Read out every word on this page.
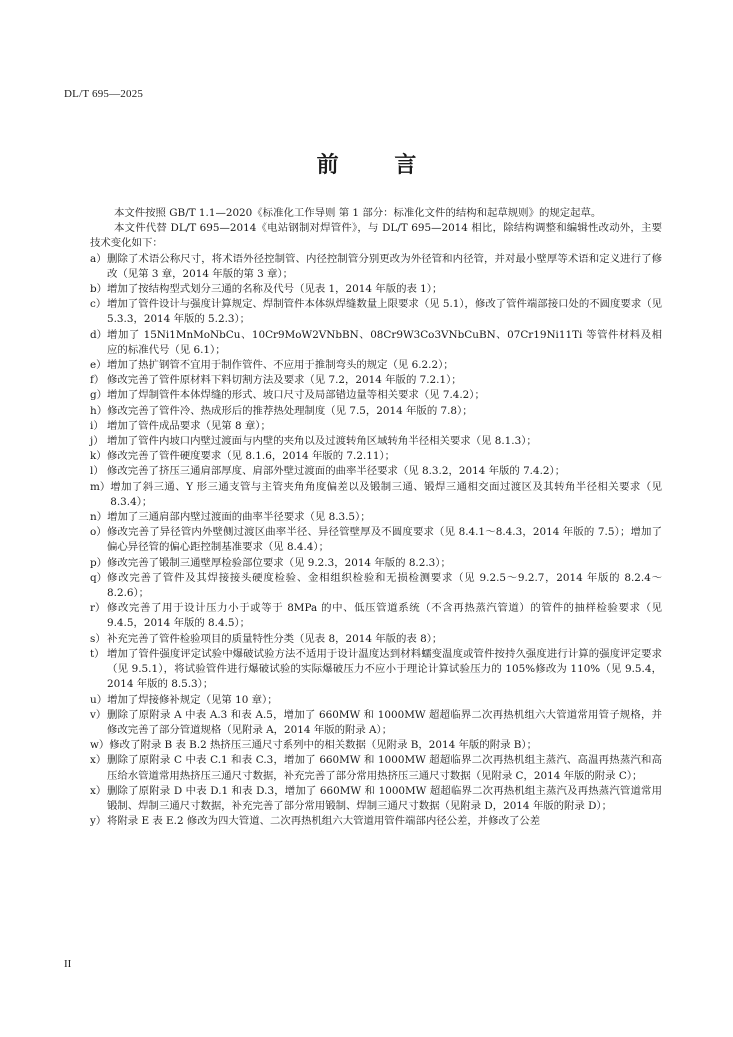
DL/T 695—2025
前 言

本文件按照 GB/T 1.1—2020《标准化工作导则 第 1 部分：标准化文件的结构和起草规则》的规定起草。

本文件代替 DL/T 695—2014《电站钢制对焊管件》，与 DL/T 695—2014 相比，除结构调整和编辑性改动外，主要技术变化如下：

a） 删除了术语公称尺寸，将术语外径控制管、内径控制管分别更改为外径管和内径管，并对最小壁厚等术语和定义进行了修改（见第 3 章，2014 年版的第 3 章）；
b） 增加了按结构型式划分三通的名称及代号（见表 1，2014 年版的表 1）；
c） 增加了管件设计与强度计算规定、焊制管件本体纵焊缝数量上限要求（见 5.1），修改了管件端部接口处的不圆度要求（见 5.3.3，2014 年版的 5.2.3）；
d） 增加了 15Ni1MnMoNbCu、10Cr9MoW2VNbBN、08Cr9W3Co3VNbCuBN、07Cr19Ni11Ti 等管件材料及相应的标准代号（见 6.1）；
e） 增加了热扩钢管不宜用于制作管件、不应用于推制弯头的规定（见 6.2.2）；
f） 修改完善了管件原材料下料切割方法及要求（见 7.2，2014 年版的 7.2.1）；
g） 增加了焊制管件本体焊缝的形式、坡口尺寸及局部错边量等相关要求（见 7.4.2）；
h） 修改完善了管件冷、热成形后的推荐热处理制度（见 7.5，2014 年版的 7.8）；
i） 增加了管件成品要求（见第 8 章）；
j） 增加了管件内坡口内壁过渡面与内壁的夹角以及过渡转角区域转角半径相关要求（见 8.1.3）；
k） 修改完善了管件硬度要求（见 8.1.6，2014 年版的 7.2.11）；
l） 修改完善了挤压三通肩部厚度、肩部外壁过渡面的曲率半径要求（见 8.3.2，2014 年版的 7.4.2）；
m） 增加了斜三通、Y 形三通支管与主管夹角角度偏差以及锻制三通、锻焊三通相交面过渡区及其转角半径相关要求（见 8.3.4）；
n） 增加了三通肩部内壁过渡面的曲率半径要求（见 8.3.5）；
o） 修改完善了异径管内外壁侧过渡区曲率半径、异径管壁厚及不圆度要求（见 8.4.1～8.4.3，2014 年版的 7.5）；增加了偏心异径管的偏心距控制基准要求（见 8.4.4）；
p） 修改完善了锻制三通壁厚检验部位要求（见 9.2.3，2014 年版的 8.2.3）；
q） 修改完善了管件及其焊接接头硬度检验、金相组织检验和无损检测要求（见 9.2.5～9.2.7，2014 年版的 8.2.4～8.2.6）；
r） 修改完善了用于设计压力小于或等于 8MPa 的中、低压管道系统（不含再热蒸汽管道）的管件的抽样检验要求（见 9.4.5，2014 年版的 8.4.5）；
s） 补充完善了管件检验项目的质量特性分类（见表 8，2014 年版的表 8）；
t） 增加了管件强度评定试验中爆破试验方法不适用于设计温度达到材料蠕变温度或管件按持久强度进行计算的强度评定要求（见 9.5.1），将试验管件进行爆破试验的实际爆破压力不应小于理论计算试验压力的 105%修改为 110%（见 9.5.4，2014 年版的 8.5.3）；
u） 增加了焊接修补规定（见第 10 章）；
v） 删除了原附录 A 中表 A.3 和表 A.5，增加了 660MW 和 1000MW 超超临界二次再热机组六大管道常用管子规格，并修改完善了部分管道规格（见附录 A，2014 年版的附录 A）；
w） 修改了附录 B 表 B.2 热挤压三通尺寸系列中的相关数据（见附录 B，2014 年版的附录 B）；
x） 删除了原附录 C 中表 C.1 和表 C.3，增加了 660MW 和 1000MW 超超临界二次再热机组主蒸汽、高温再热蒸汽和高压给水管道常用热挤压三通尺寸数据，补充完善了部分常用热挤压三通尺寸数据（见附录 C，2014 年版的附录 C）；
x） 删除了原附录 D 中表 D.1 和表 D.3，增加了 660MW 和 1000MW 超超临界二次再热机组主蒸汽及再热蒸汽管道常用锻制、焊制三通尺寸数据，补充完善了部分常用锻制、焊制三通尺寸数据（见附录 D，2014 年版的附录 D）；
y） 将附录 E 表 E.2 修改为四大管道、二次再热机组六大管道用管件端部内径公差，并修改了公差
II
